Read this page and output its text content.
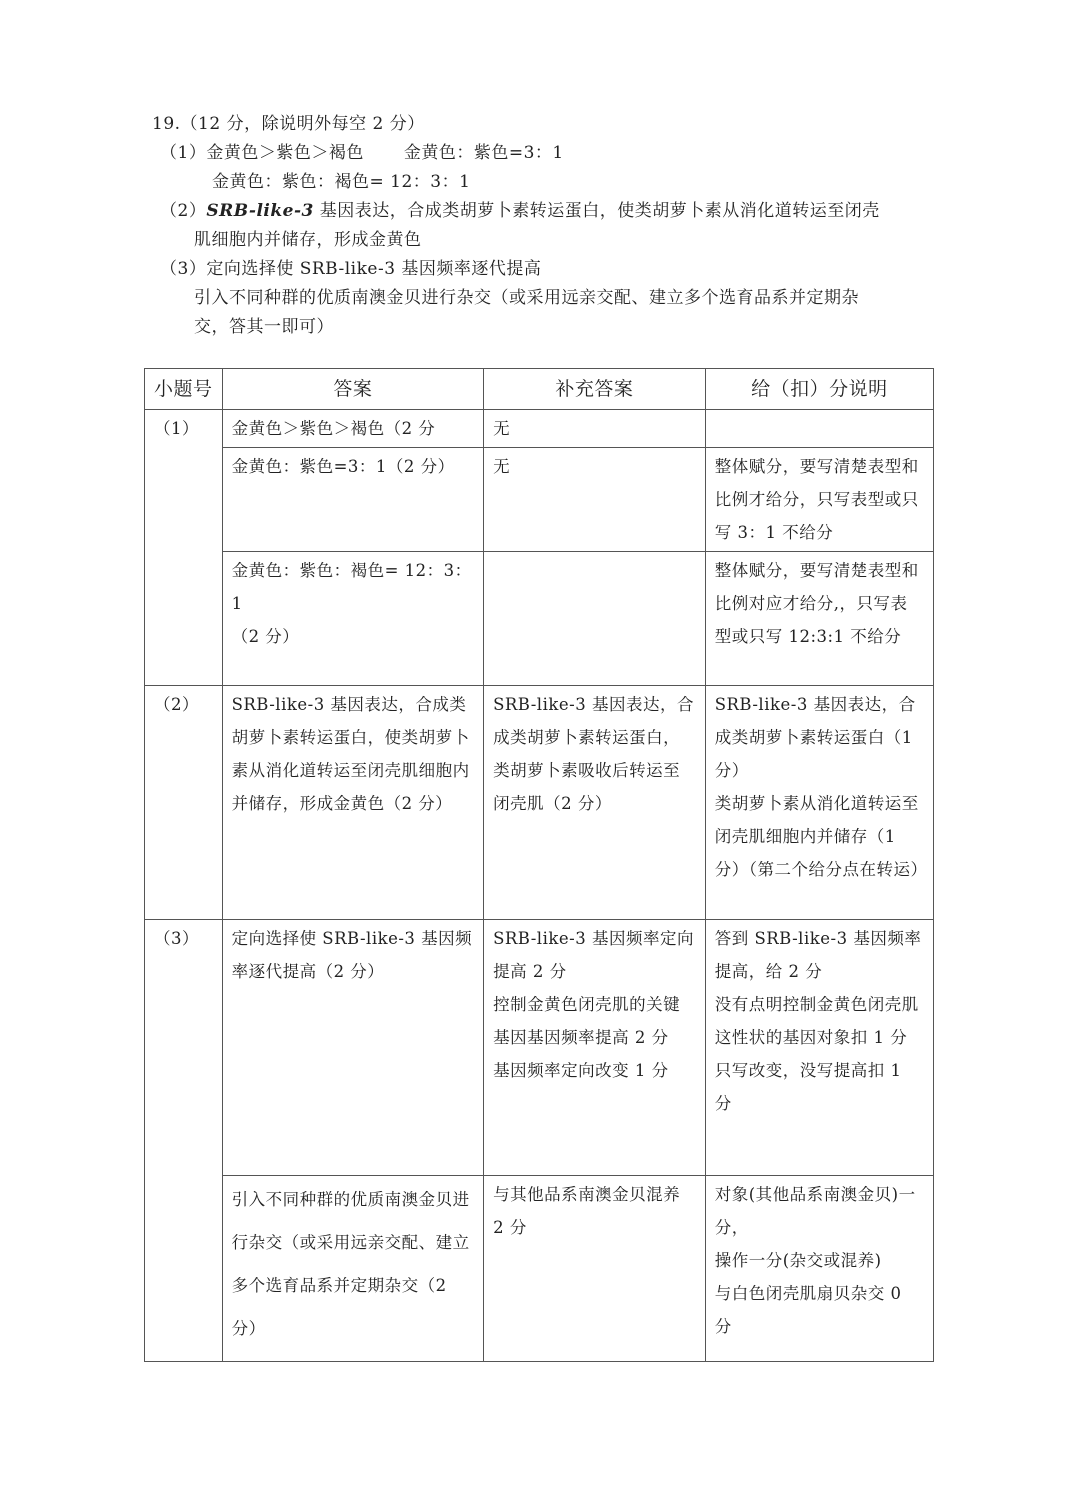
19.（12 分，除说明外每空 2 分）
（1）金黄色＞紫色＞褐色 金黄色：紫色=3：1
金黄色：紫色：褐色= 12：3：1
（2）SRB-like-3 基因表达，合成类胡萝卜素转运蛋白，使类胡萝卜素从消化道转运至闭壳
肌细胞内并储存，形成金黄色
（3）定向选择使 SRB-like-3 基因频率逐代提高
引入不同种群的优质南澳金贝进行杂交（或采用远亲交配、建立多个选育品系并定期杂
交，答其一即可）
小题号	答案	补充答案	给（扣）分说明
（1）	金黄色＞紫色＞褐色（2 分	无	
	金黄色：紫色=3：1（2 分）	无	整体赋分，要写清楚表型和比例才给分，只写表型或只写 3：1 不给分

	金黄色：紫色：褐色= 12：3：
1
（2 分）		整体赋分，要写清楚表型和比例对应才给分,，只写表型或只写 12:3:1 不给分
（2）	SRB-like-3 基因表达，合成类胡萝卜素转运蛋白，使类胡萝卜素从消化道转运至闭壳肌细胞内并储存，形成金黄色（2 分）	SRB-like-3 基因表达，合成类胡萝卜素转运蛋白，类胡萝卜素吸收后转运至闭壳肌（2 分）	SRB-like-3 基因表达，合成类胡萝卜素转运蛋白（1 分）
类胡萝卜素从消化道转运至闭壳肌细胞内并储存（1 分）（第二个给分点在转运）

（3）	定向选择使 SRB-like-3 基因频率逐代提高（2 分）	SRB-like-3 基因频率定向提高 2 分
控制金黄色闭壳肌的关键基因基因频率提高 2 分
基因频率定向改变 1 分	答到 SRB-like-3 基因频率提高，给 2 分
没有点明控制金黄色闭壳肌这性状的基因对象扣 1 分
只写改变，没写提高扣 1 分

	引入不同种群的优质南澳金贝进行杂交（或采用远亲交配、建立多个选育品系并定期杂交（2 分）	与其他品系南澳金贝混养 2 分	对象(其他品系南澳金贝)一分，
操作一分(杂交或混养)
与白色闭壳肌扇贝杂交 0 分
